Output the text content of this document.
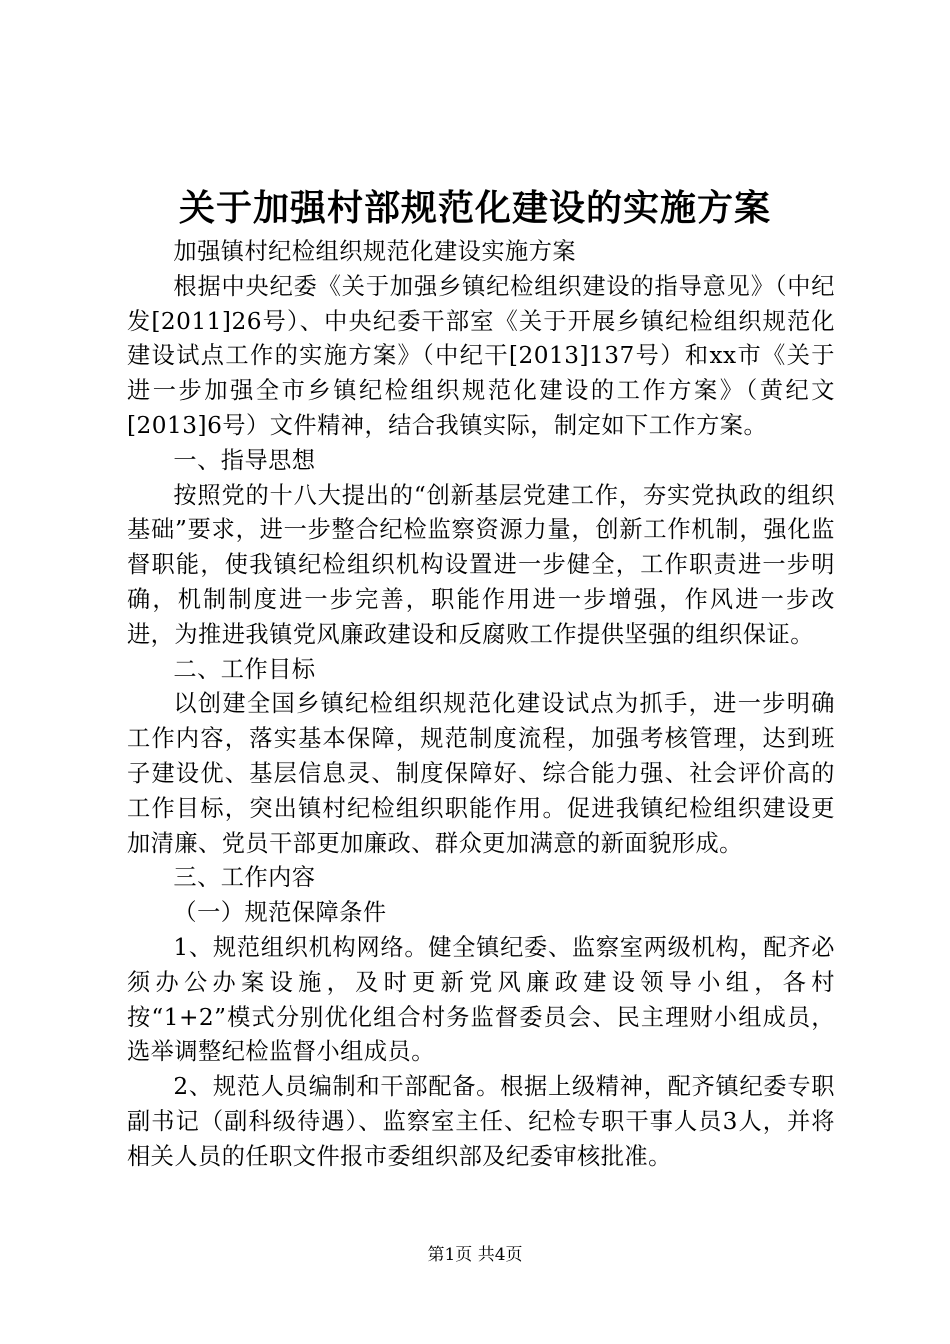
关于加强村部规范化建设的实施方案

加强镇村纪检组织规范化建设实施方案

根据中央纪委《关于加强乡镇纪检组织建设的指导意见》（中纪发[2011]26号）、中央纪委干部室《关于开展乡镇纪检组织规范化建设试点工作的实施方案》（中纪干[2013]137号）和xx市《关于进一步加强全市乡镇纪检组织规范化建设的工作方案》（黄纪文[2013]6号）文件精神，结合我镇实际，制定如下工作方案。

一、指导思想

按照党的十八大提出的“创新基层党建工作，夯实党执政的组织基础”要求，进一步整合纪检监察资源力量，创新工作机制，强化监督职能，使我镇纪检组织机构设置进一步健全，工作职责进一步明确，机制制度进一步完善，职能作用进一步增强，作风进一步改进，为推进我镇党风廉政建设和反腐败工作提供坚强的组织保证。

二、工作目标

以创建全国乡镇纪检组织规范化建设试点为抓手，进一步明确工作内容，落实基本保障，规范制度流程，加强考核管理，达到班子建设优、基层信息灵、制度保障好、综合能力强、社会评价高的工作目标，突出镇村纪检组织职能作用。促进我镇纪检组织建设更加清廉、党员干部更加廉政、群众更加满意的新面貌形成。

三、工作内容

（一）规范保障条件

1、规范组织机构网络。健全镇纪委、监察室两级机构，配齐必须办公办案设施，及时更新党风廉政建设领导小组，各村按“1+2”模式分别优化组合村务监督委员会、民主理财小组成员，选举调整纪检监督小组成员。

2、规范人员编制和干部配备。根据上级精神，配齐镇纪委专职副书记（副科级待遇）、监察室主任、纪检专职干事人员3人，并将相关人员的任职文件报市委组织部及纪委审核批准。

第1页 共4页
